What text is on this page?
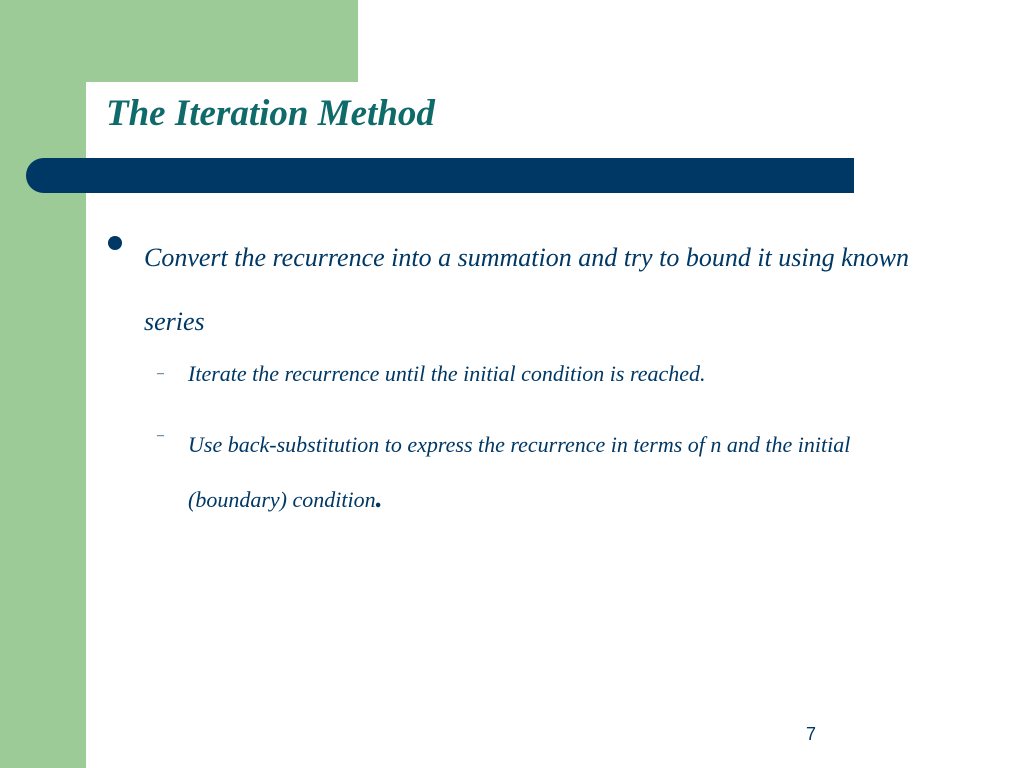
The Iteration Method

Convert the recurrence into a summation and try to bound it using known series

– Iterate the recurrence until the initial condition is reached.

– Use back-substitution to express the recurrence in terms of n and the initial (boundary) condition.

7
